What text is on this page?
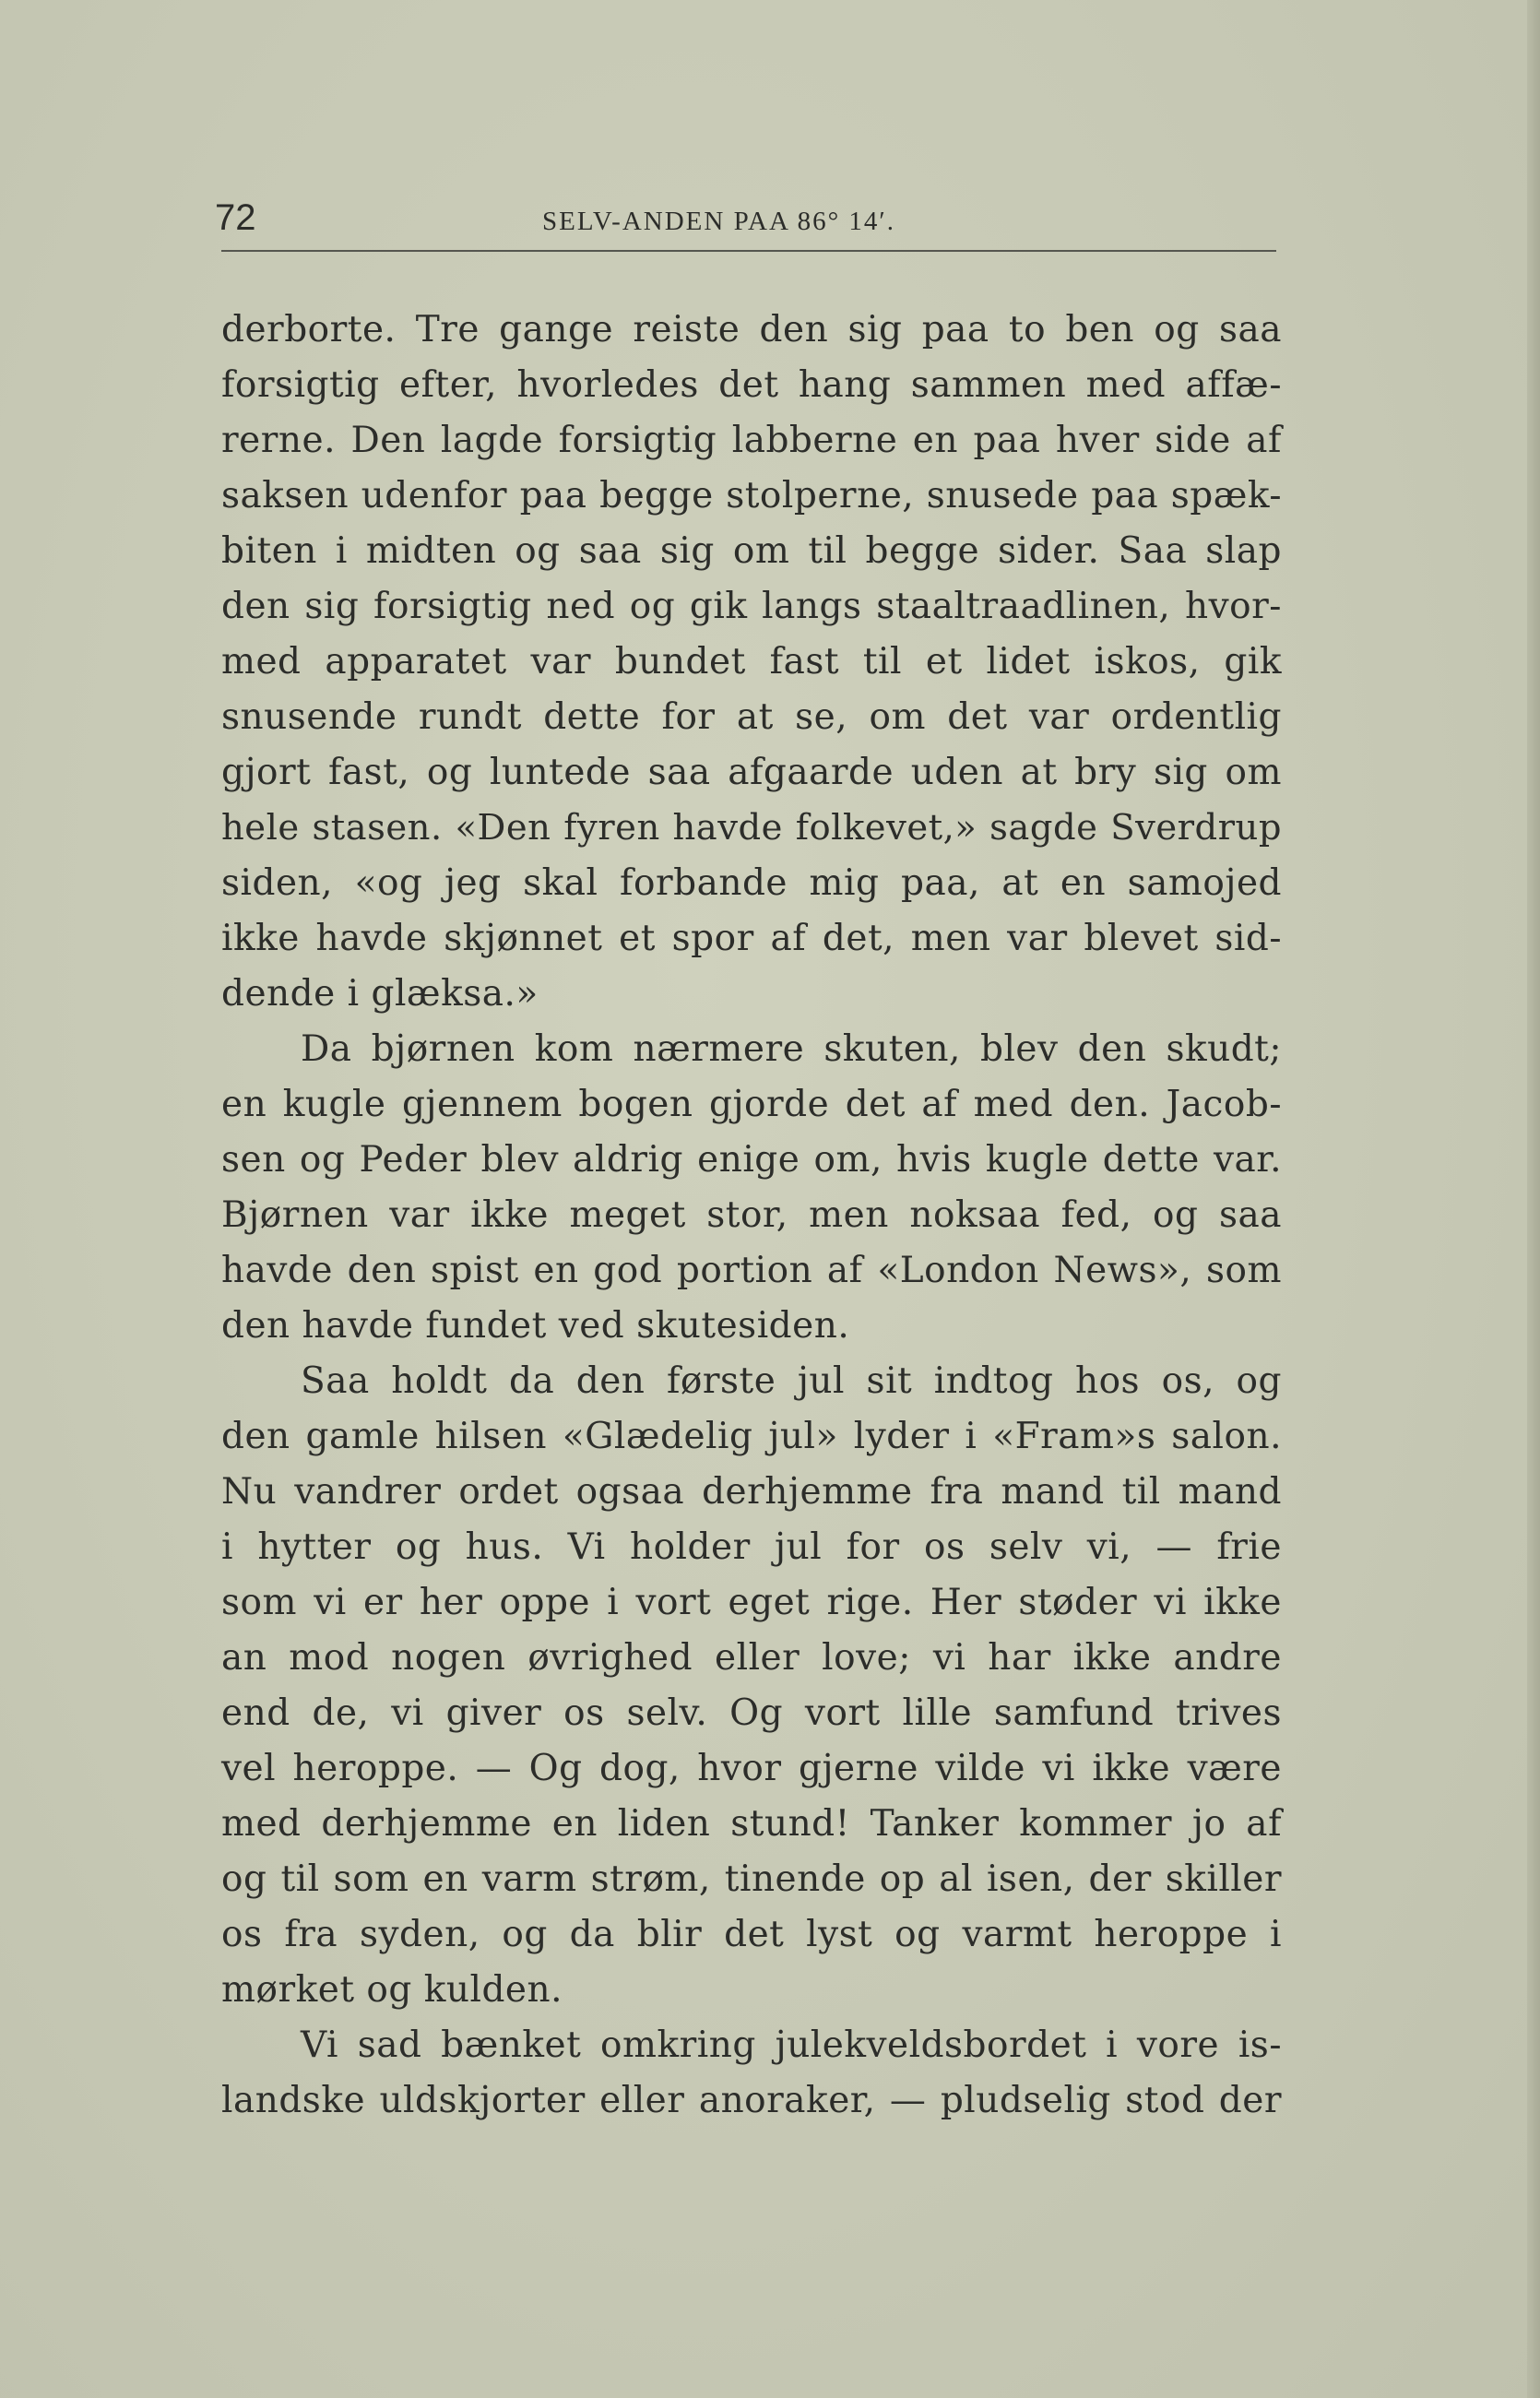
72	SELV-ANDEN PAA 86° 14′.
derborte. Tre gange reiste den sig paa to ben og saa
forsigtig efter, hvorledes det hang sammen med affæ-
rerne. Den lagde forsigtig labberne en paa hver side af
saksen udenfor paa begge stolperne, snusede paa spæk-
biten i midten og saa sig om til begge sider. Saa slap
den sig forsigtig ned og gik langs staaltraadlinen, hvor-
med apparatet var bundet fast til et lidet iskos, gik
snusende rundt dette for at se, om det var ordentlig
gjort fast, og luntede saa afgaarde uden at bry sig om
hele stasen. «Den fyren havde folkevet,» sagde Sverdrup
siden, «og jeg skal forbande mig paa, at en samojed
ikke havde skjønnet et spor af det, men var blevet sid-
dende i glæksa.»
Da bjørnen kom nærmere skuten, blev den skudt;
en kugle gjennem bogen gjorde det af med den. Jacob-
sen og Peder blev aldrig enige om, hvis kugle dette var.
Bjørnen var ikke meget stor, men noksaa fed, og saa
havde den spist en god portion af «London News», som
den havde fundet ved skutesiden.
Saa holdt da den første jul sit indtog hos os, og
den gamle hilsen «Glædelig jul» lyder i «Fram»s salon.
Nu vandrer ordet ogsaa derhjemme fra mand til mand
i hytter og hus. Vi holder jul for os selv vi, — frie
som vi er her oppe i vort eget rige. Her støder vi ikke
an mod nogen øvrighed eller love; vi har ikke andre
end de, vi giver os selv. Og vort lille samfund trives
vel heroppe. — Og dog, hvor gjerne vilde vi ikke være
med derhjemme en liden stund! Tanker kommer jo af
og til som en varm strøm, tinende op al isen, der skiller
os fra syden, og da blir det lyst og varmt heroppe i
mørket og kulden.
Vi sad bænket omkring julekveldsbordet i vore is-
landske uldskjorter eller anoraker, — pludselig stod der
